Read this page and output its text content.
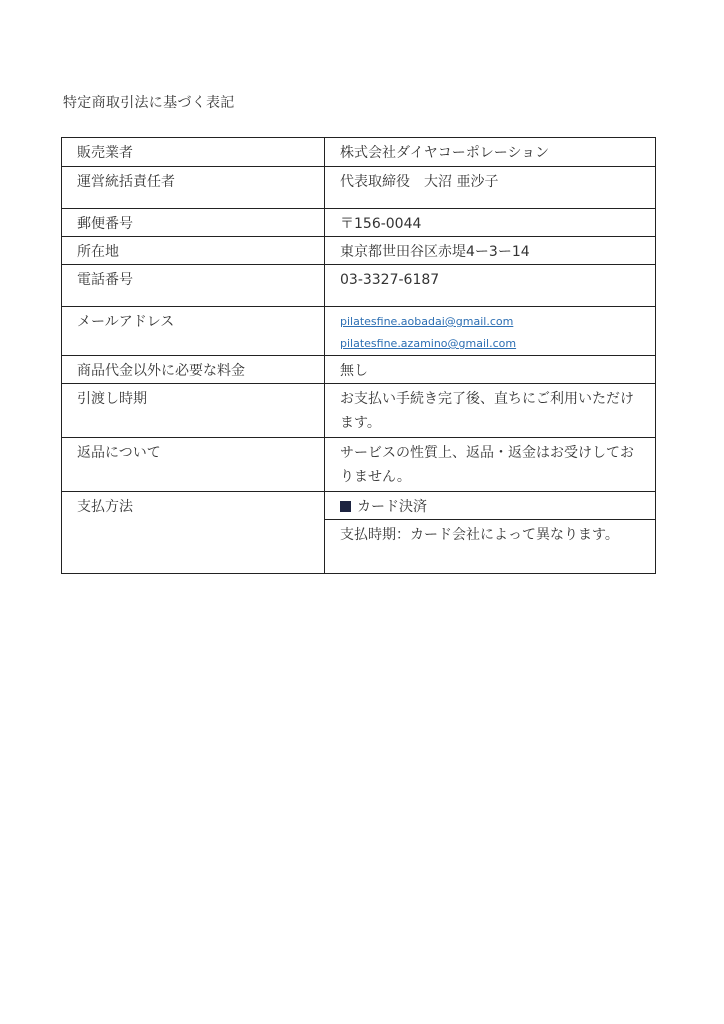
特定商取引法に基づく表記
販売業者	株式会社ダイヤコーポレーション
運営統括責任者	代表取締役　大沼 亜沙子
郵便番号	〒156-0044
所在地	東京都世田谷区赤堤4ー3ー14
電話番号	03-3327-6187
メールアドレス	pilatesfine.aobadai@gmail.com
pilatesfine.azamino@gmail.com

商品代金以外に必要な料金	無し
引渡し時期	お支払い手続き完了後、直ちにご利用いただけます。
返品について	サービスの性質上、返品・返金はお受けしておりません。
支払方法	カード決済
	支払時期：カード会社によって異なります。
